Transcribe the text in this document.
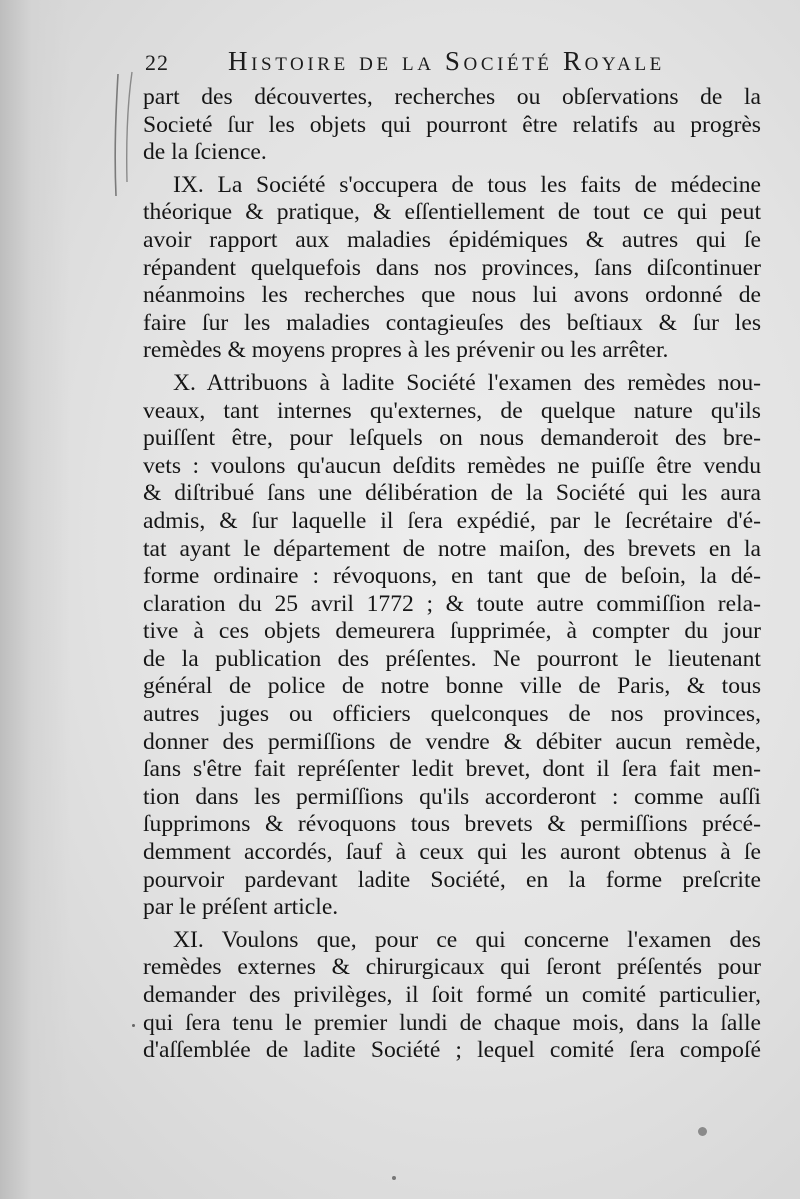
22 Histoire de la Société Royale
part des découvertes, recherches ou obſervations de la
Societé ſur les objets qui pourront être relatifs au progrès
de la ſcience.
IX. La Société s'occupera de tous les faits de médecine
théorique & pratique, & eſſentiellement de tout ce qui peut
avoir rapport aux maladies épidémiques & autres qui ſe
répandent quelquefois dans nos provinces, ſans diſcontinuer
néanmoins les recherches que nous lui avons ordonné de
faire ſur les maladies contagieuſes des beſtiaux & ſur les
remèdes & moyens propres à les prévenir ou les arrêter.
X. Attribuons à ladite Société l'examen des remèdes nou-
veaux, tant internes qu'externes, de quelque nature qu'ils
puiſſent être, pour leſquels on nous demanderoit des bre-
vets : voulons qu'aucun deſdits remèdes ne puiſſe être vendu
& diſtribué ſans une délibération de la Société qui les aura
admis, & ſur laquelle il ſera expédié, par le ſecrétaire d'é-
tat ayant le département de notre maiſon, des brevets en la
forme ordinaire : révoquons, en tant que de beſoin, la dé-
claration du 25 avril 1772 ; & toute autre commiſſion rela-
tive à ces objets demeurera ſupprimée, à compter du jour
de la publication des préſentes. Ne pourront le lieutenant
général de police de notre bonne ville de Paris, & tous
autres juges ou officiers quelconques de nos provinces,
donner des permiſſions de vendre & débiter aucun remède,
ſans s'être fait repréſenter ledit brevet, dont il ſera fait men-
tion dans les permiſſions qu'ils accorderont : comme auſſi
ſupprimons & révoquons tous brevets & permiſſions précé-
demment accordés, ſauf à ceux qui les auront obtenus à ſe
pourvoir pardevant ladite Société, en la forme preſcrite
par le préſent article.
XI. Voulons que, pour ce qui concerne l'examen des
remèdes externes & chirurgicaux qui ſeront préſentés pour
demander des privilèges, il ſoit formé un comité particulier,
qui ſera tenu le premier lundi de chaque mois, dans la ſalle
d'aſſemblée de ladite Société ; lequel comité ſera compoſé
